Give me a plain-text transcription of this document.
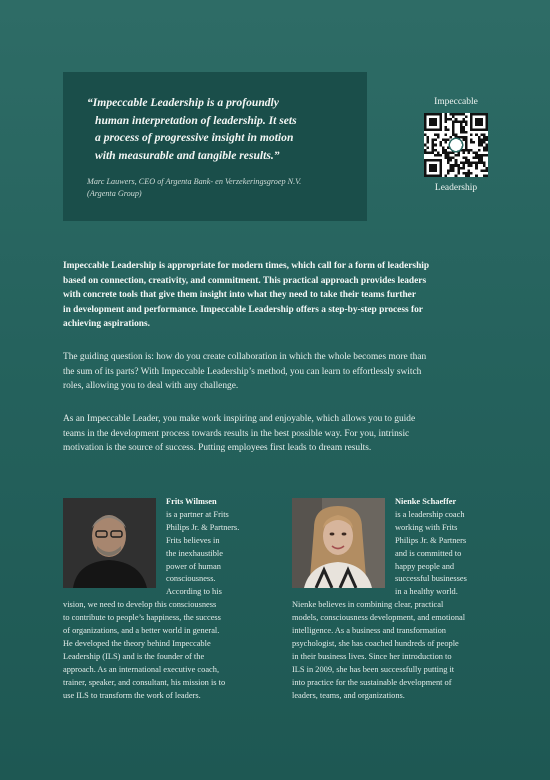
“Impeccable Leadership is a profoundly
human interpretation of leadership. It sets
a process of progressive insight in motion
with measurable and tangible results.”

Marc Lauwers, CEO of Argenta Bank- en Verzekeringsgroep N.V.
(Argenta Group)
Impeccable
Leadership
Impeccable Leadership is appropriate for modern times, which call for a form of leadership
based on connection, creativity, and commitment. This practical approach provides leaders
with concrete tools that give them insight into what they need to take their teams further
in development and performance. Impeccable Leadership offers a step-by-step process for
achieving aspirations.
The guiding question is: how do you create collaboration in which the whole becomes more than
the sum of its parts? With Impeccable Leadership’s method, you can learn to effortlessly switch
roles, allowing you to deal with any challenge.
As an Impeccable Leader, you make work inspiring and enjoyable, which allows you to guide
teams in the development process towards results in the best possible way. For you, intrinsic
motivation is the source of success. Putting employees first leads to dream results.
Frits Wilmsen
is a partner at Frits
Philips Jr. & Partners.
Frits believes in
the inexhaustible
power of human
consciousness.
According to his
vision, we need to develop this consciousness
to contribute to people’s happiness, the success
of organizations, and a better world in general.
He developed the theory behind Impeccable
Leadership (ILS) and is the founder of the
approach. As an international executive coach,
trainer, speaker, and consultant, his mission is to
use ILS to transform the work of leaders.
Nienke Schaeffer
is a leadership coach
working with Frits
Philips Jr. & Partners
and is committed to
happy people and
successful businesses
in a healthy world.
Nienke believes in combining clear, practical
models, consciousness development, and emotional
intelligence. As a business and transformation
psychologist, she has coached hundreds of people
in their business lives. Since her introduction to
ILS in 2009, she has been successfully putting it
into practice for the sustainable development of
leaders, teams, and organizations.
